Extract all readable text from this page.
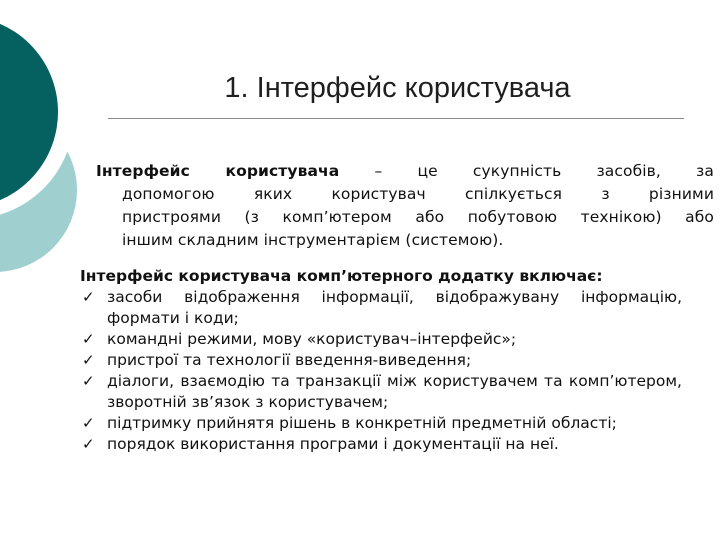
1. Інтерфейс користувача
Інтерфейс користувача – це сукупність засобів, за
допомогою яких користувач спілкується з різними
пристроями (з комп’ютером або побутовою технікою) або
іншим складним інструментарієм (системою).
Інтерфейс користувача комп’ютерного додатку включає:
✓ засоби відображення інформації, відображувану інформацію, формати і коди;
✓ командні режими, мову «користувач–інтерфейс»;
✓ пристрої та технології введення-виведення;
✓ діалоги, взаємодію та транзакції між користувачем та комп’ютером, зворотній зв’язок з користувачем;
✓ підтримку прийнятя рішень в конкретній предметній області;
✓ порядок використання програми і документації на неї.
